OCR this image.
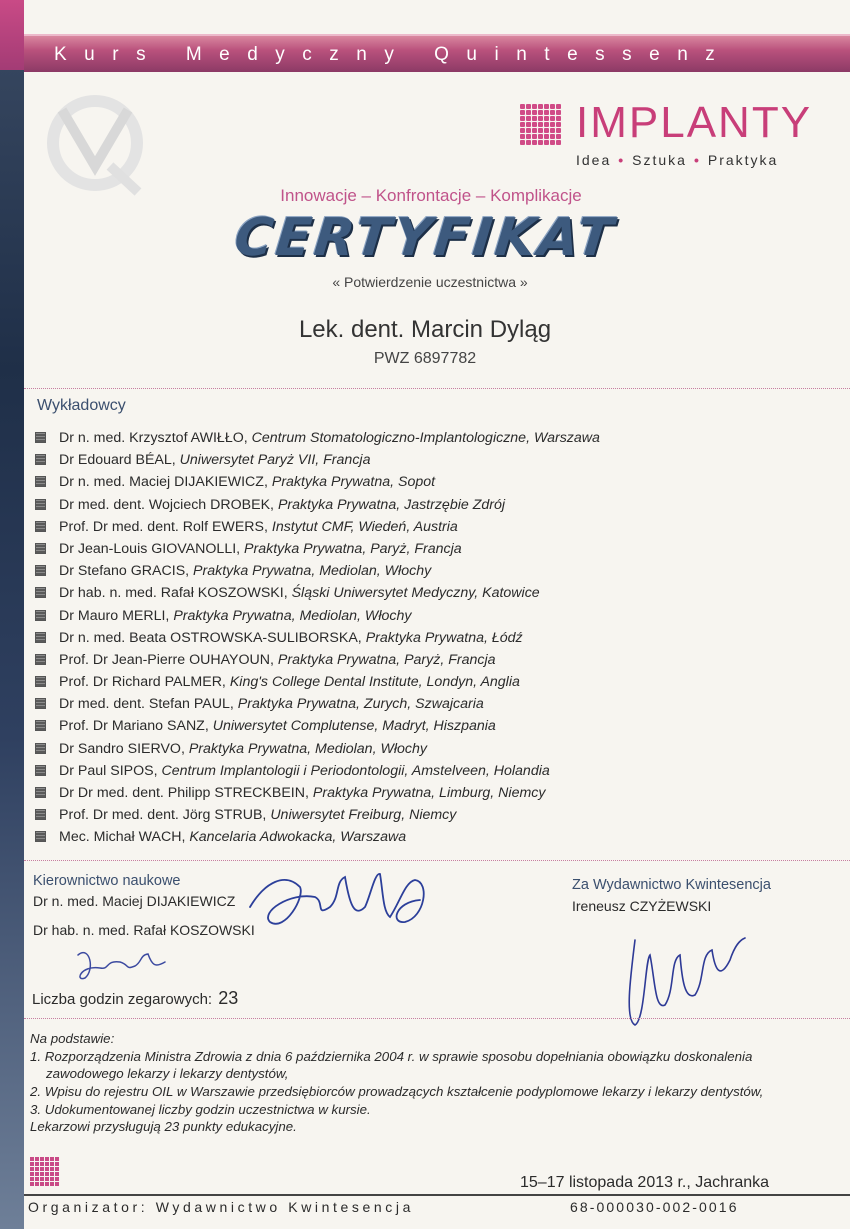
Kurs Medyczny Quintessenz
IMPLANTY
Idea • Sztuka • Praktyka
Innowacje – Konfrontacje – Komplikacje
CERTYFIKAT
« Potwierdzenie uczestnictwa »
Lek. dent. Marcin Dyląg
PWZ 6897782
Wykładowcy
Dr n. med. Krzysztof AWIŁŁO, Centrum Stomatologiczno-Implantologiczne, Warszawa
Dr Edouard BÉAL, Uniwersytet Paryż VII, Francja
Dr n. med. Maciej DIJAKIEWICZ, Praktyka Prywatna, Sopot
Dr med. dent. Wojciech DROBEK, Praktyka Prywatna, Jastrzębie Zdrój
Prof. Dr med. dent. Rolf EWERS, Instytut CMF, Wiedeń, Austria
Dr Jean-Louis GIOVANOLLI, Praktyka Prywatna, Paryż, Francja
Dr Stefano GRACIS, Praktyka Prywatna, Mediolan, Włochy
Dr hab. n. med. Rafał KOSZOWSKI, Śląski Uniwersytet Medyczny, Katowice
Dr Mauro MERLI, Praktyka Prywatna, Mediolan, Włochy
Dr n. med. Beata OSTROWSKA-SULIBORSKA, Praktyka Prywatna, Łódź
Prof. Dr Jean-Pierre OUHAYOUN, Praktyka Prywatna, Paryż, Francja
Prof. Dr Richard PALMER, King's College Dental Institute, Londyn, Anglia
Dr med. dent. Stefan PAUL, Praktyka Prywatna, Zurych, Szwajcaria
Prof. Dr Mariano SANZ, Uniwersytet Complutense, Madryt, Hiszpania
Dr Sandro SIERVO, Praktyka Prywatna, Mediolan, Włochy
Dr Paul SIPOS, Centrum Implantologii i Periodontologii, Amstelveen, Holandia
Dr Dr med. dent. Philipp STRECKBEIN, Praktyka Prywatna, Limburg, Niemcy
Prof. Dr med. dent. Jörg STRUB, Uniwersytet Freiburg, Niemcy
Mec. Michał WACH, Kancelaria Adwokacka, Warszawa
Kierownictwo naukowe
Dr n. med. Maciej DIJAKIEWICZ
Dr hab. n. med. Rafał KOSZOWSKI
Za Wydawnictwo Kwintesencja
Ireneusz CZYŻEWSKI
Liczba godzin zegarowych: 23

Na podstawie:

1. Rozporządzenia Ministra Zdrowia z dnia 6 października 2004 r. w sprawie sposobu dopełniania obowiązku doskonalenia zawodowego lekarzy i lekarzy dentystów,

2. Wpisu do rejestru OIL w Warszawie przedsiębiorców prowadzących kształcenie podyplomowe lekarzy i lekarzy dentystów,

3. Udokumentowanej liczby godzin uczestnictwa w kursie.

Lekarzowi przysługują 23 punkty edukacyjne.

15–17 listopada 2013 r., Jachranka
Organizator: Wydawnictwo Kwintesencja	68-000030-002-0016
